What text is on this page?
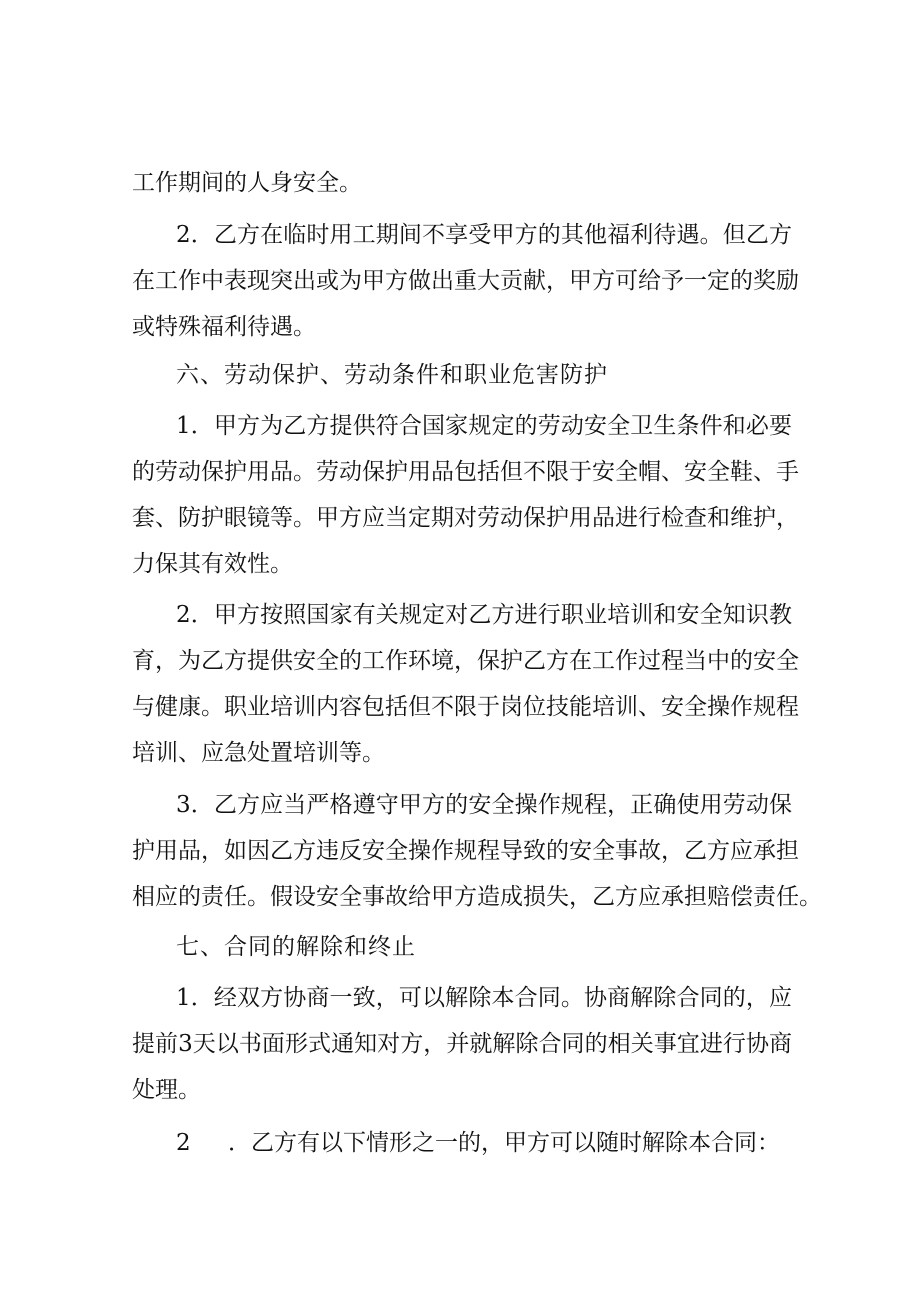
工作期间的人身安全。
2．乙方在临时用工期间不享受甲方的其他福利待遇。但乙方
在工作中表现突出或为甲方做出重大贡献，甲方可给予一定的奖励
或特殊福利待遇。
六、劳动保护、劳动条件和职业危害防护
1．甲方为乙方提供符合国家规定的劳动安全卫生条件和必要
的劳动保护用品。劳动保护用品包括但不限于安全帽、安全鞋、手
套、防护眼镜等。甲方应当定期对劳动保护用品进行检查和维护，
力保其有效性。
2．甲方按照国家有关规定对乙方进行职业培训和安全知识教
育，为乙方提供安全的工作环境，保护乙方在工作过程当中的安全
与健康。职业培训内容包括但不限于岗位技能培训、安全操作规程
培训、应急处置培训等。
3．乙方应当严格遵守甲方的安全操作规程，正确使用劳动保
护用品，如因乙方违反安全操作规程导致的安全事故，乙方应承担
相应的责任。假设安全事故给甲方造成损失，乙方应承担赔偿责任。
七、合同的解除和终止
1．经双方协商一致，可以解除本合同。协商解除合同的，应
提前3天以书面形式通知对方，并就解除合同的相关事宜进行协商
处理。
2 ．乙方有以下情形之一的，甲方可以随时解除本合同：
